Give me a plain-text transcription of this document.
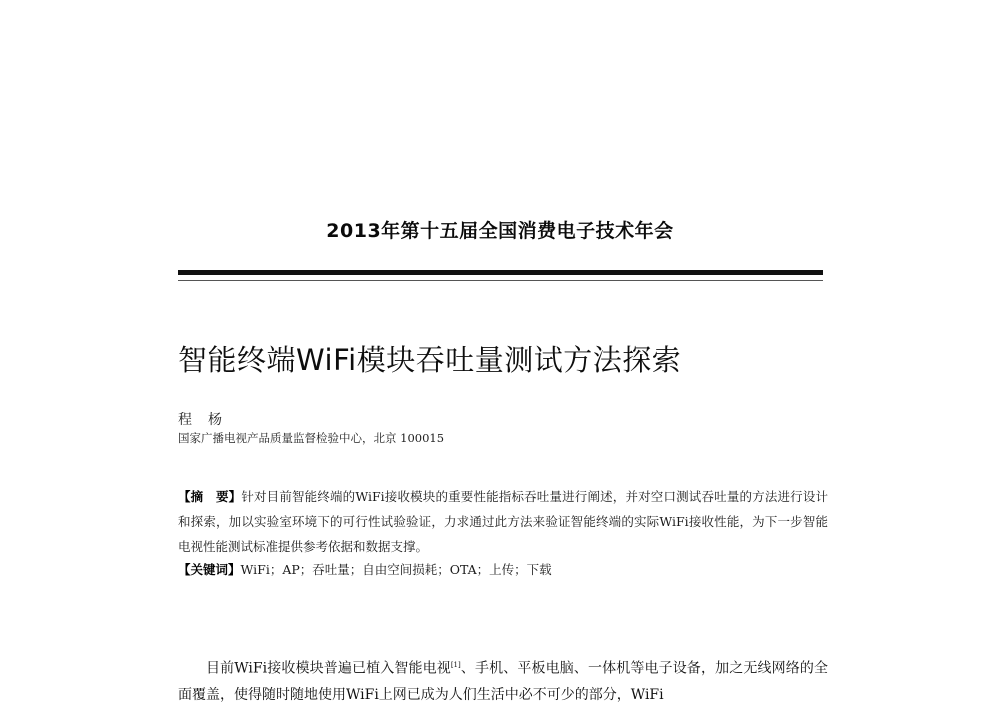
2013年第十五届全国消费电子技术年会
智能终端WiFi模块吞吐量测试方法探索
程　杨
国家广播电视产品质量监督检验中心，北京 100015
【摘　要】针对目前智能终端的WiFi接收模块的重要性能指标吞吐量进行阐述，并对空口测试吞吐量的方法进行设计和探索，加以实验室环境下的可行性试验验证，力求通过此方法来验证智能终端的实际WiFi接收性能，为下一步智能电视性能测试标准提供参考依据和数据支撑。
【关键词】WiFi；AP；吞吐量；自由空间损耗；OTA；上传；下载
目前WiFi接收模块普遍已植入智能电视[1]、手机、平板电脑、一体机等电子设备，加之无线网络的全面覆盖，使得随时随地使用WiFi上网已成为人们生活中必不可少的部分，WiFi
